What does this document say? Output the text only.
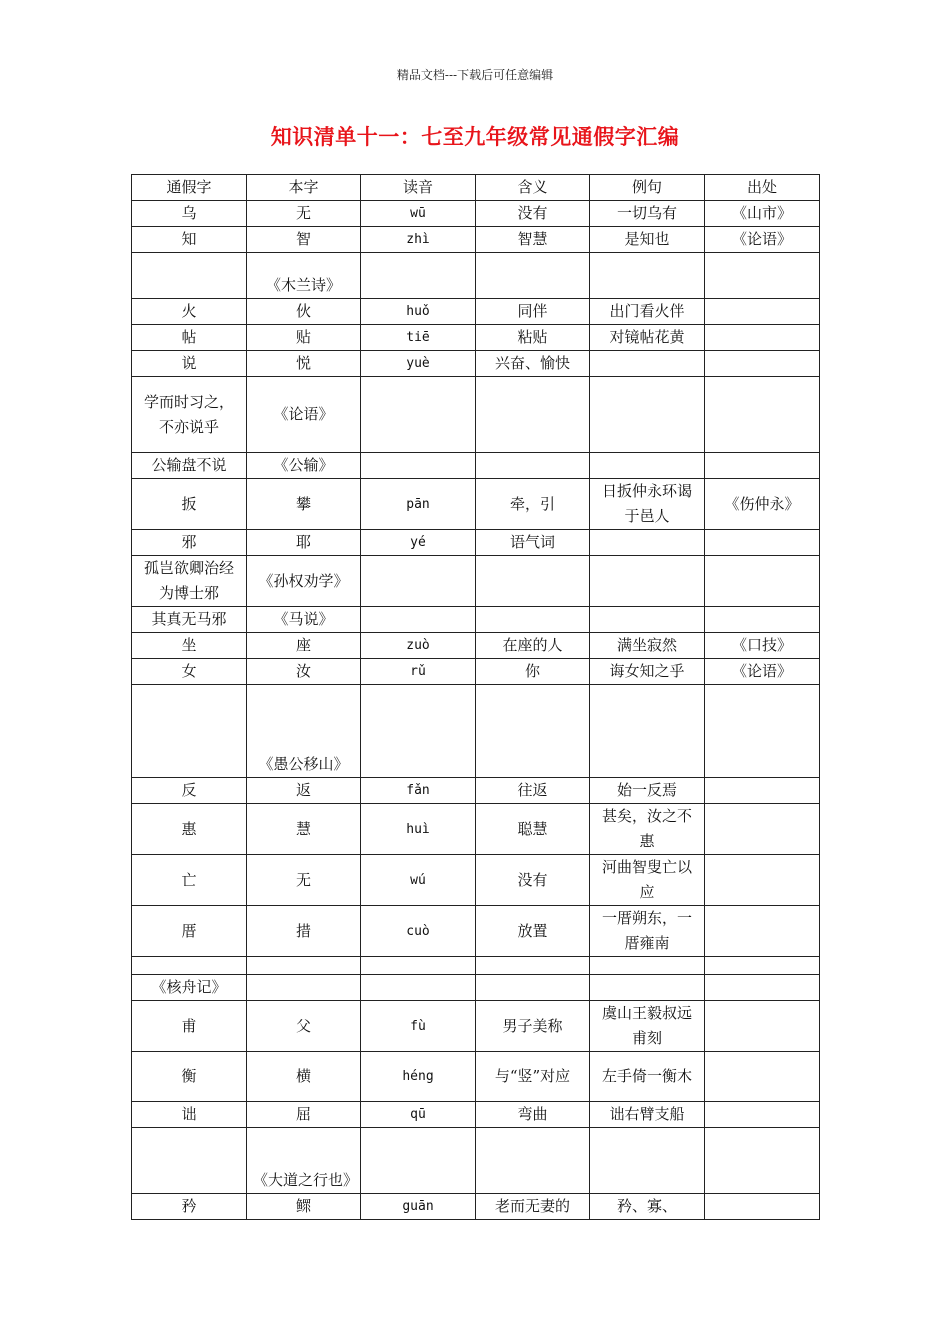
精品文档---下载后可任意编辑
知识清单十一：七至九年级常见通假字汇编
通假字	本字	读音	含义	例句	出处
乌	无	wū	没有	一切乌有	《山市》
知	智	zhì	智慧	是知也	《论语》
	《木兰诗》				
火	伙	huǒ	同伴	出门看火伴	
帖	贴	tiē	粘贴	对镜帖花黄	
说	悦	yuè	兴奋、愉快		
学而时习之，不亦说乎	《论语》				
公输盘不说	《公输》				
扳	攀	pān	牵，引	日扳仲永环谒于邑人	《伤仲永》
邪	耶	yé	语气词		
孤岂欲卿治经为博士邪	《孙权劝学》				
其真无马邪	《马说》				
坐	座	zuò	在座的人	满坐寂然	《口技》
女	汝	rǔ	你	诲女知之乎	《论语》
	《愚公移山》				
反	返	fǎn	往返	始一反焉	
惠	慧	huì	聪慧	甚矣，汝之不惠	
亡	无	wú	没有	河曲智叟亡以应	
厝	措	cuò	放置	一厝朔东，一厝雍南	

《核舟记》					
甫	父	fù	男子美称	虞山王毅叔远甫刻	
衡	横	héng	与“竖”对应	左手倚一衡木	
诎	屈	qū	弯曲	诎右臂支船	
	《大道之行也》				
矜	鳏	guān	老而无妻的	矜、寡、	
